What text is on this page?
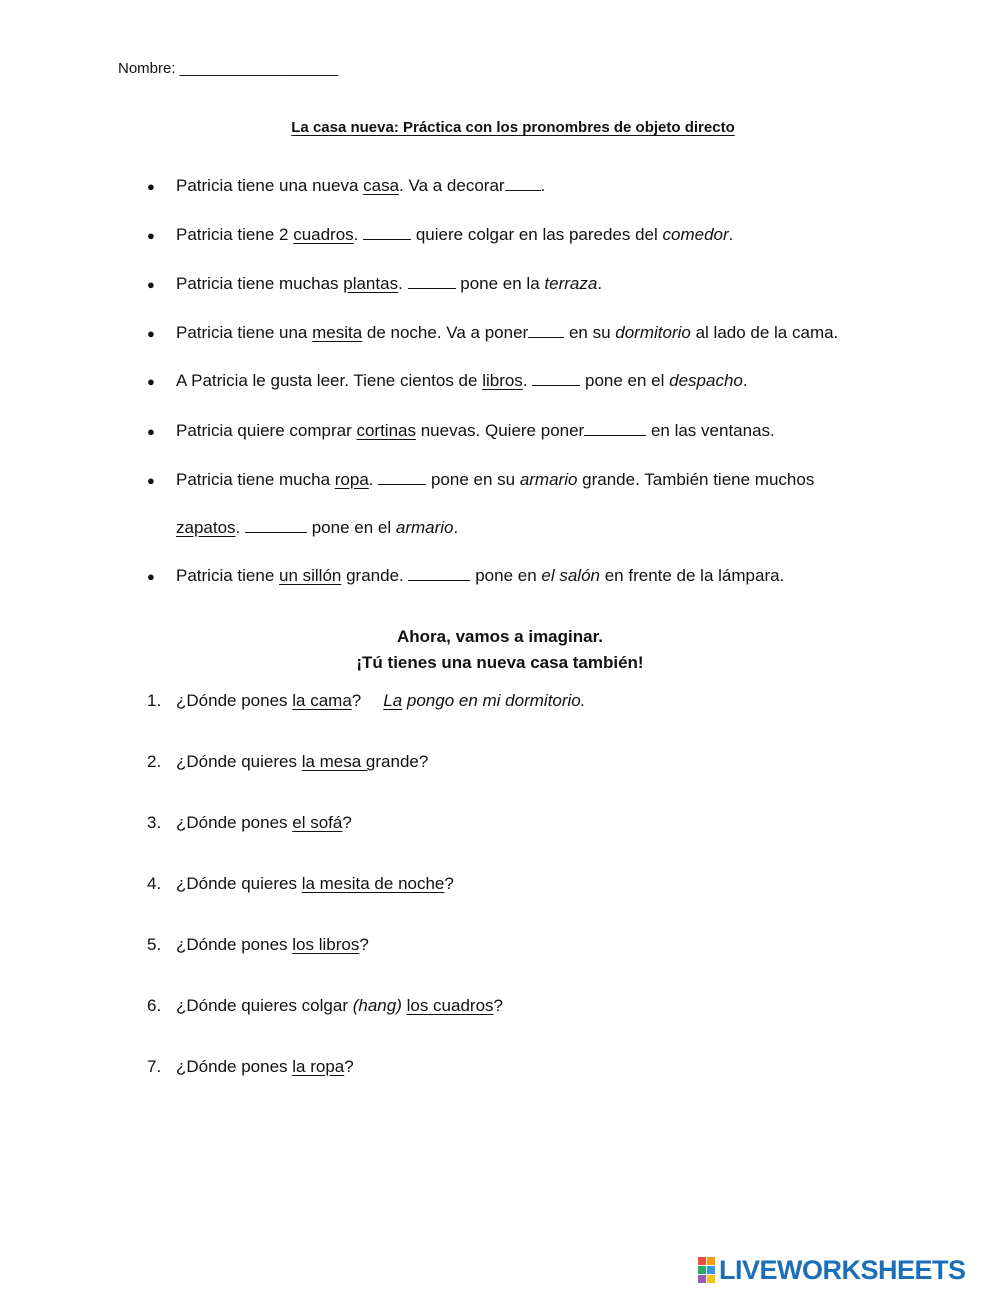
Nombre: ___________________
La casa nueva: Práctica con los pronombres de objeto directo
● Patricia tiene una nueva casa. Va a decorar .
● Patricia tiene 2 cuadros.	quiere colgar en las paredes del comedor.
● Patricia tiene muchas plantas.	pone en la terraza.
● Patricia tiene una mesita de noche. Va a poner en su dormitorio al lado de la cama.
● A Patricia le gusta leer. Tiene cientos de libros.	pone en el despacho.
● Patricia quiere comprar cortinas nuevas. Quiere poner	en las ventanas.
● Patricia tiene mucha ropa.	pone en su armario grande. También tiene muchos
zapatos.	pone en el armario.
● Patricia tiene un sillón grande.	pone en el salón en frente de la lámpara.
Ahora, vamos a imaginar.
¡Tú tienes una nueva casa también!
1. ¿Dónde pones la cama? La pongo en mi dormitorio.
2. ¿Dónde quieres la mesa grande?
3. ¿Dónde pones el sofá?
4. ¿Dónde quieres la mesita de noche?
5. ¿Dónde pones los libros?
6. ¿Dónde quieres colgar (hang) los cuadros?
7. ¿Dónde pones la ropa?
LIVEWORKSHEETS
